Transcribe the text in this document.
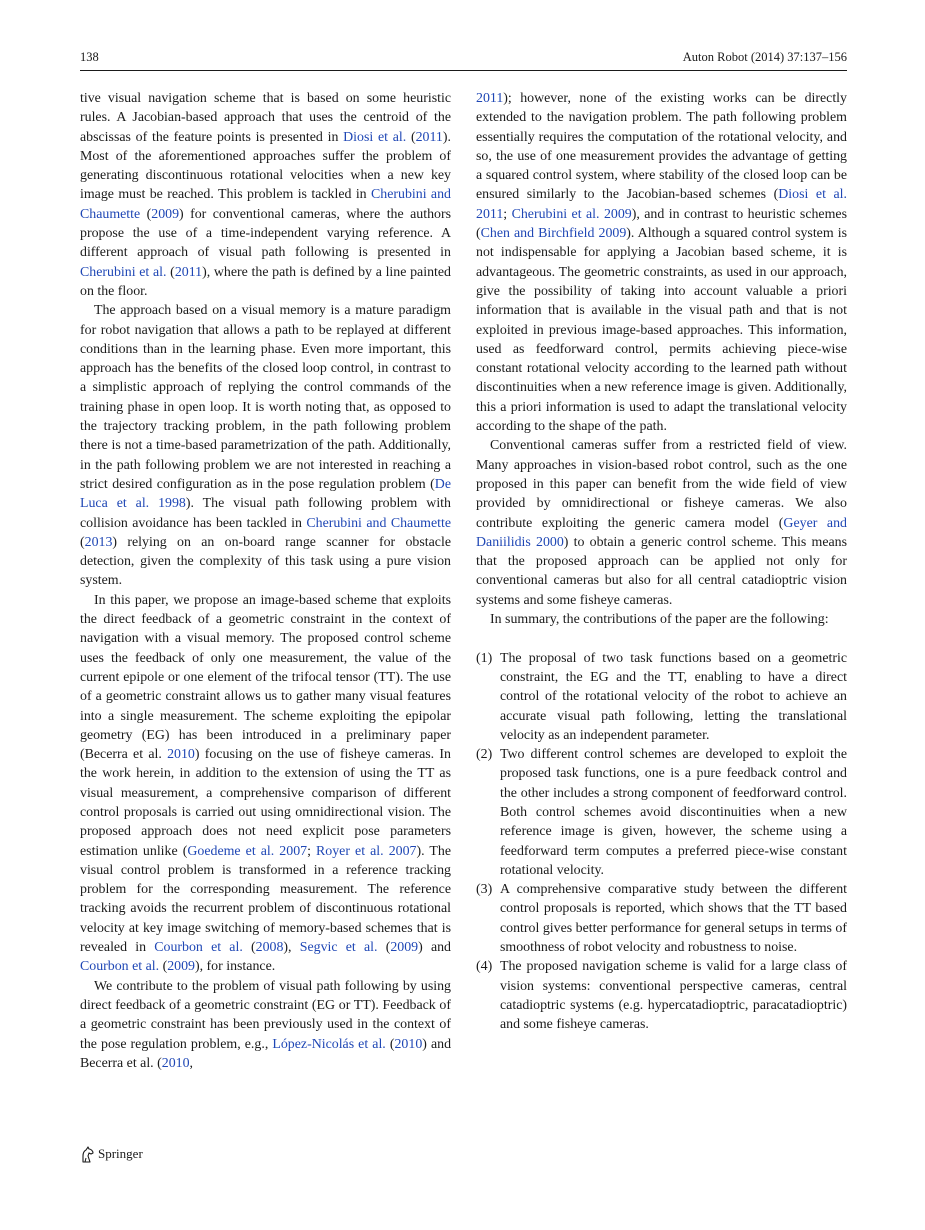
138	Auton Robot (2014) 37:137–156

tive visual navigation scheme that is based on some heuristic rules. A Jacobian-based approach that uses the centroid of the abscissas of the feature points is presented in Diosi et al. (2011). Most of the aforementioned approaches suffer the problem of generating discontinuous rotational velocities when a new key image must be reached. This problem is tackled in Cherubini and Chaumette (2009) for conventional cameras, where the authors propose the use of a time-independent varying reference. A different approach of visual path following is presented in Cherubini et al. (2011), where the path is defined by a line painted on the floor.

The approach based on a visual memory is a mature paradigm for robot navigation that allows a path to be replayed at different conditions than in the learning phase. Even more important, this approach has the benefits of the closed loop control, in contrast to a simplistic approach of replying the control commands of the training phase in open loop. It is worth noting that, as opposed to the trajectory tracking problem, in the path following problem there is not a time-based parametrization of the path. Additionally, in the path following problem we are not interested in reaching a strict desired configuration as in the pose regulation problem (De Luca et al. 1998). The visual path following problem with collision avoidance has been tackled in Cherubini and Chaumette (2013) relying on an on-board range scanner for obstacle detection, given the complexity of this task using a pure vision system.

In this paper, we propose an image-based scheme that exploits the direct feedback of a geometric constraint in the context of navigation with a visual memory. The proposed control scheme uses the feedback of only one measurement, the value of the current epipole or one element of the trifocal tensor (TT). The use of a geometric constraint allows us to gather many visual features into a single measurement. The scheme exploiting the epipolar geometry (EG) has been introduced in a preliminary paper (Becerra et al. 2010) focusing on the use of fisheye cameras. In the work herein, in addition to the extension of using the TT as visual measurement, a comprehensive comparison of different control proposals is carried out using omnidirectional vision. The proposed approach does not need explicit pose parameters estimation unlike (Goedeme et al. 2007; Royer et al. 2007). The visual control problem is transformed in a reference tracking problem for the corresponding measurement. The reference tracking avoids the recurrent problem of discontinuous rotational velocity at key image switching of memory-based schemes that is revealed in Courbon et al. (2008), Segvic et al. (2009) and Courbon et al. (2009), for instance.

We contribute to the problem of visual path following by using direct feedback of a geometric constraint (EG or TT). Feedback of a geometric constraint has been previously used in the context of the pose regulation problem, e.g., López-Nicolás et al. (2010) and Becerra et al. (2010,

2011); however, none of the existing works can be directly extended to the navigation problem. The path following problem essentially requires the computation of the rotational velocity, and so, the use of one measurement provides the advantage of getting a squared control system, where stability of the closed loop can be ensured similarly to the Jacobian-based schemes (Diosi et al. 2011; Cherubini et al. 2009), and in contrast to heuristic schemes (Chen and Birchfield 2009). Although a squared control system is not indispensable for applying a Jacobian based scheme, it is advantageous. The geometric constraints, as used in our approach, give the possibility of taking into account valuable a priori information that is available in the visual path and that is not exploited in previous image-based approaches. This information, used as feedforward control, permits achieving piece-wise constant rotational velocity according to the learned path without discontinuities when a new reference image is given. Additionally, this a priori information is used to adapt the translational velocity according to the shape of the path.

Conventional cameras suffer from a restricted field of view. Many approaches in vision-based robot control, such as the one proposed in this paper can benefit from the wide field of view provided by omnidirectional or fisheye cameras. We also contribute exploiting the generic camera model (Geyer and Daniilidis 2000) to obtain a generic control scheme. This means that the proposed approach can be applied not only for conventional cameras but also for all central catadioptric vision systems and some fisheye cameras.

In summary, the contributions of the paper are the following:

(1) The proposal of two task functions based on a geometric constraint, the EG and the TT, enabling to have a direct control of the rotational velocity of the robot to achieve an accurate visual path following, letting the translational velocity as an independent parameter.
(2) Two different control schemes are developed to exploit the proposed task functions, one is a pure feedback control and the other includes a strong component of feedforward control. Both control schemes avoid discontinuities when a new reference image is given, however, the scheme using a feedforward term computes a preferred piece-wise constant rotational velocity.
(3) A comprehensive comparative study between the different control proposals is reported, which shows that the TT based control gives better performance for general setups in terms of smoothness of robot velocity and robustness to noise.
(4) The proposed navigation scheme is valid for a large class of vision systems: conventional perspective cameras, central catadioptric systems (e.g. hypercatadioptric, paracatadioptric) and some fisheye cameras.
Springer
